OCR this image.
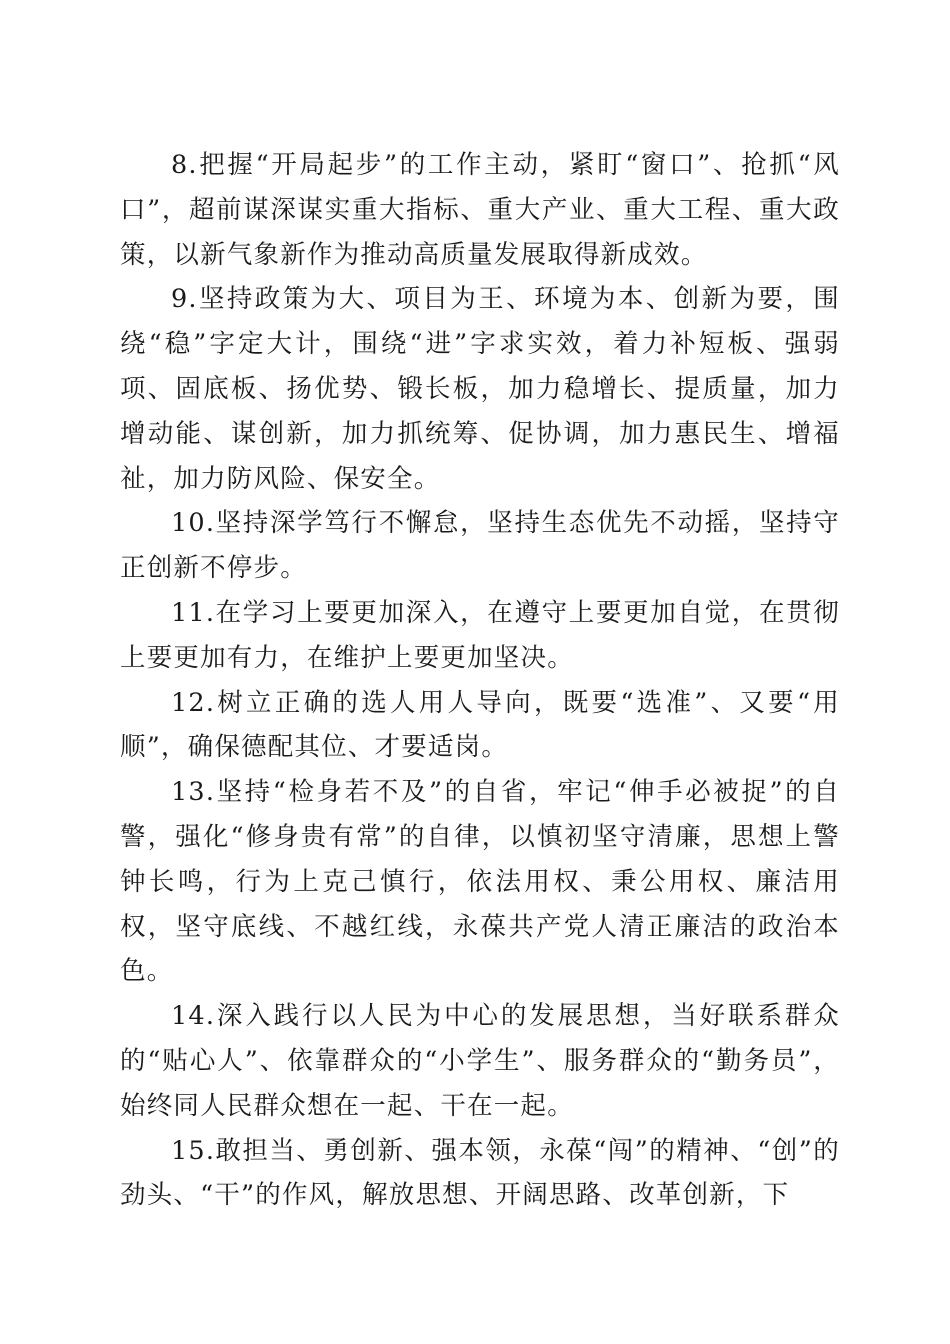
8.把握“开局起步”的工作主动，紧盯“窗口”、抢抓“风口”，超前谋深谋实重大指标、重大产业、重大工程、重大政策，以新气象新作为推动高质量发展取得新成效。

9.坚持政策为大、项目为王、环境为本、创新为要，围绕“稳”字定大计，围绕“进”字求实效，着力补短板、强弱项、固底板、扬优势、锻长板，加力稳增长、提质量，加力增动能、谋创新，加力抓统筹、促协调，加力惠民生、增福祉，加力防风险、保安全。

10.坚持深学笃行不懈怠，坚持生态优先不动摇，坚持守正创新不停步。

11.在学习上要更加深入，在遵守上要更加自觉，在贯彻上要更加有力，在维护上要更加坚决。

12.树立正确的选人用人导向，既要“选准”、又要“用顺”，确保德配其位、才要适岗。

13.坚持“检身若不及”的自省，牢记“伸手必被捉”的自警，强化“修身贵有常”的自律，以慎初坚守清廉，思想上警钟长鸣，行为上克己慎行，依法用权、秉公用权、廉洁用权，坚守底线、不越红线，永葆共产党人清正廉洁的政治本色。

14.深入践行以人民为中心的发展思想，当好联系群众的“贴心人”、依靠群众的“小学生”、服务群众的“勤务员”，始终同人民群众想在一起、干在一起。

15.敢担当、勇创新、强本领，永葆“闯”的精神、“创”的劲头、“干”的作风，解放思想、开阔思路、改革创新，下
